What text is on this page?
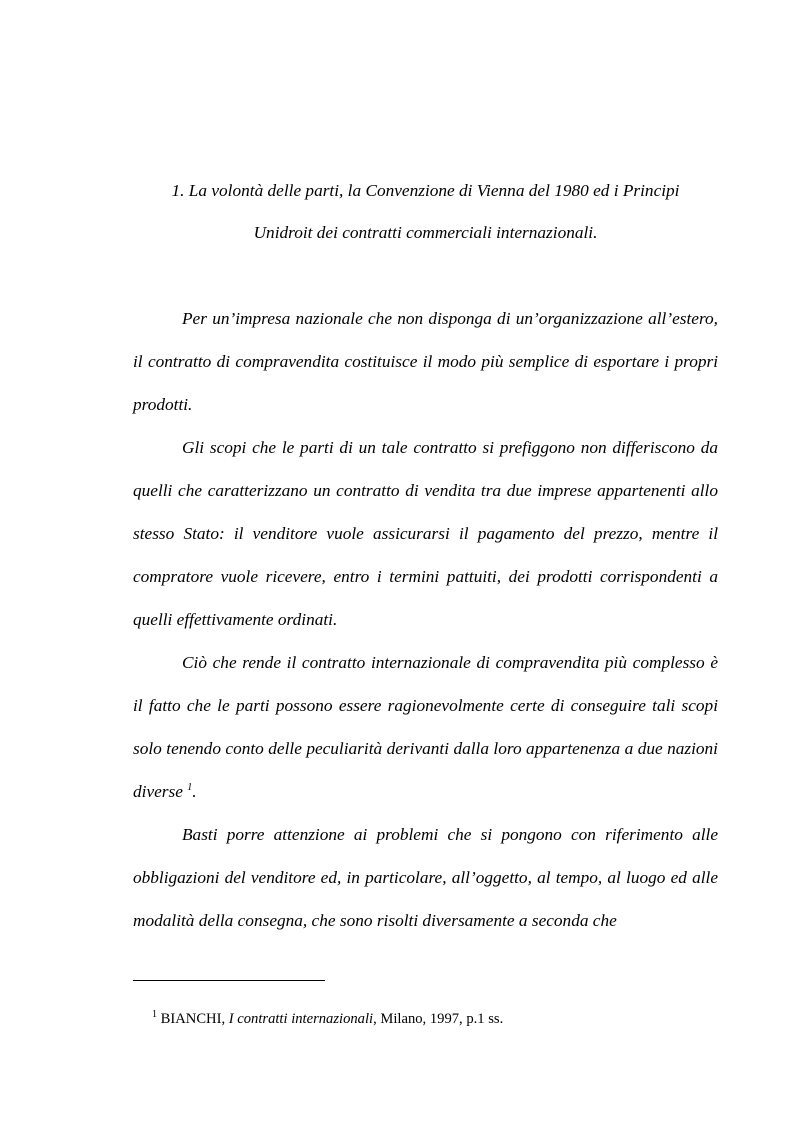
1. La volontà delle parti, la Convenzione di Vienna del 1980 ed i Principi
Unidroit dei contratti commerciali internazionali.

Per un’impresa nazionale che non disponga di un’organizzazione all’estero, il contratto di compravendita costituisce il modo più semplice di esportare i propri prodotti.

Gli scopi che le parti di un tale contratto si prefiggono non differiscono da quelli che caratterizzano un contratto di vendita tra due imprese appartenenti allo stesso Stato: il venditore vuole assicurarsi il pagamento del prezzo, mentre il compratore vuole ricevere, entro i termini pattuiti, dei prodotti corrispondenti a quelli effettivamente ordinati.

Ciò che rende il contratto internazionale di compravendita più complesso è il fatto che le parti possono essere ragionevolmente certe di conseguire tali scopi solo tenendo conto delle peculiarità derivanti dalla loro appartenenza a due nazioni diverse $^1$.

Basti porre attenzione ai problemi che si pongono con riferimento alle obbligazioni del venditore ed, in particolare, all’oggetto, al tempo, al luogo ed alle modalità della consegna, che sono risolti diversamente a seconda che

$^1$ BIANCHI, I contratti internazionali, Milano, 1997, p.1 ss.
